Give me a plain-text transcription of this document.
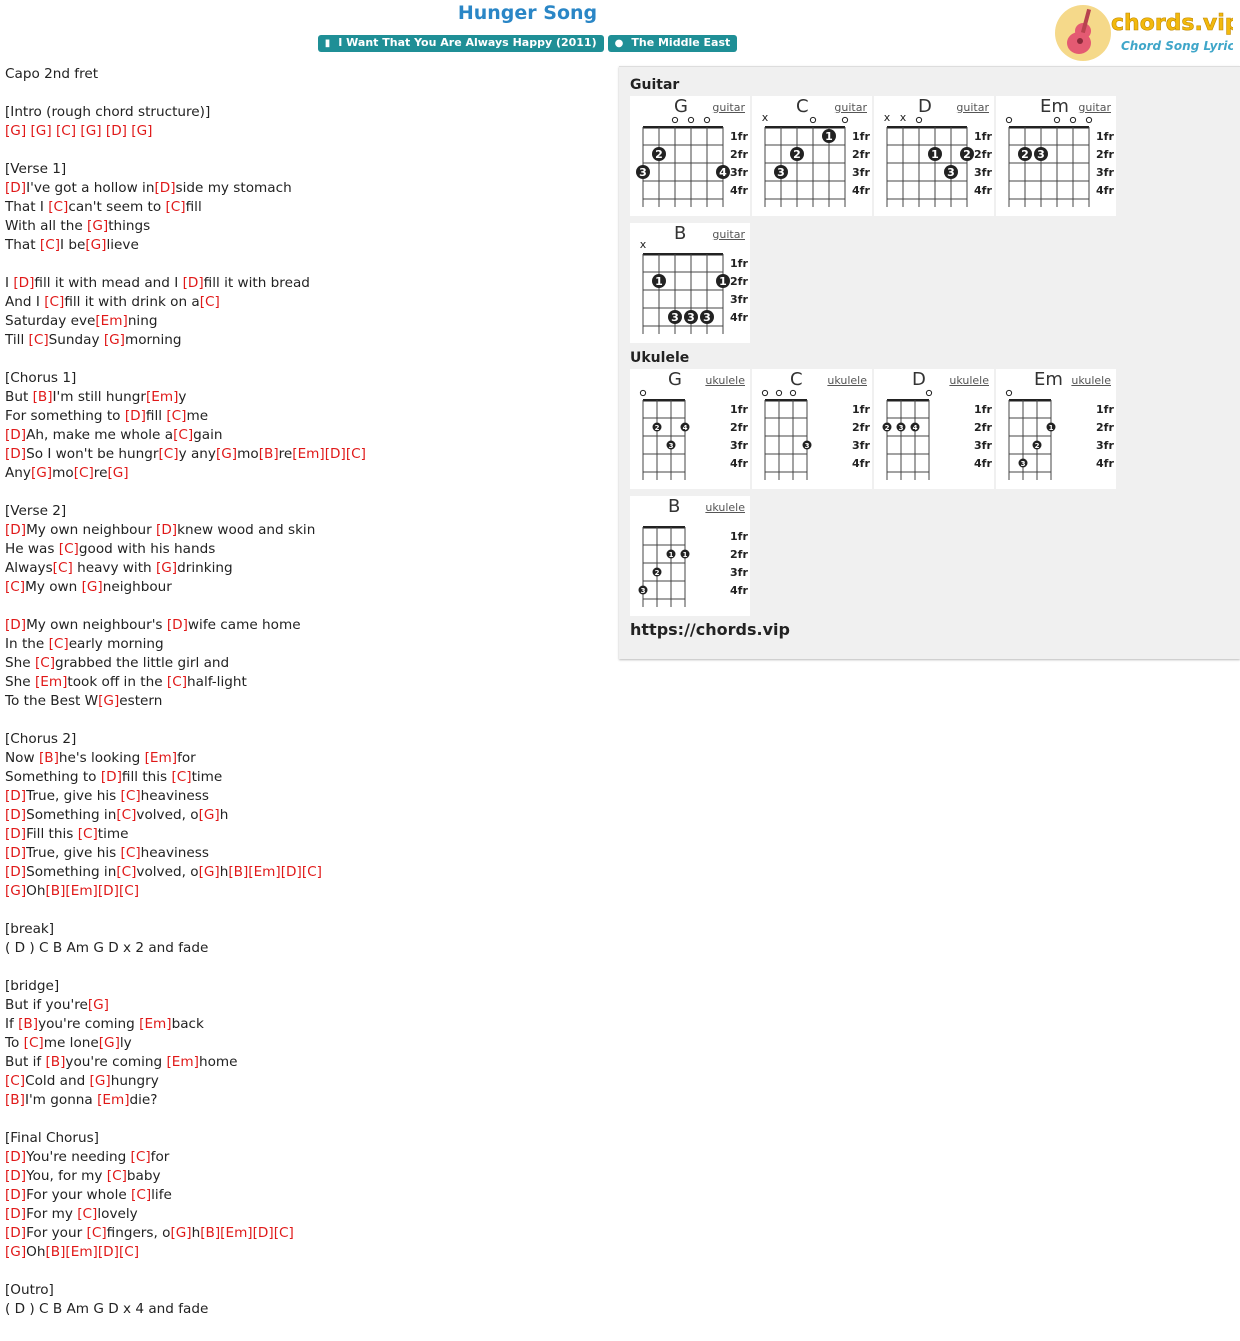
Hunger Song
▮ I Want That You Are Always Happy (2011) ● The Middle East
chords.vip
Chord Song Lyric
Capo 2nd fret
[Intro (rough chord structure)]
[G] [G] [C] [G] [D] [G]
[Verse 1]
[D]I've got a hollow in[D]side my stomach
That I [C]can't seem to [C]fill
With all the [G]things
That [C]I be[G]lieve
I [D]fill it with mead and I [D]fill it with bread
And I [C]fill it with drink on a[C]
Saturday eve[Em]ning
Till [C]Sunday [G]morning
[Chorus 1]
But [B]I'm still hungr[Em]y
For something to [D]fill [C]me
[D]Ah, make me whole a[C]gain
[D]So I won't be hungr[C]y any[G]mo[B]re[Em][D][C]
Any[G]mo[C]re[G]
[Verse 2]
[D]My own neighbour [D]knew wood and skin
He was [C]good with his hands
Always[C] heavy with [G]drinking
[C]My own [G]neighbour
[D]My own neighbour's [D]wife came home
In the [C]early morning
She [C]grabbed the little girl and
She [Em]took off in the [C]half-light
To the Best W[G]estern
[Chorus 2]
Now [B]he's looking [Em]for
Something to [D]fill this [C]time
[D]True, give his [C]heaviness
[D]Something in[C]volved, o[G]h
[D]Fill this [C]time
[D]True, give his [C]heaviness
[D]Something in[C]volved, o[G]h[B][Em][D][C]
[G]Oh[B][Em][D][C]
[break]
( D ) C B Am G D x 2 and fade
[bridge]
But if you're[G]
If [B]you're coming [Em]back
To [C]me lone[G]ly
But if [B]you're coming [Em]home
[C]Cold and [G]hungry
[B]I'm gonna [Em]die?
[Final Chorus]
[D]You're needing [C]for
[D]You, for my [C]baby
[D]For your whole [C]life
[D]For my [C]lovely
[D]For your [C]fingers, o[G]h[B][Em][D][C]
[G]Oh[B][Em][D][C]
[Outro]
( D ) C B Am G D x 4 and fade
Guitar
Ukulele
1fr
2fr
3fr
4fr
3
2
4
G guitar
1fr
2fr
3fr
4fr
x
3
2
1
C guitar
1fr
2fr
3fr
4fr
x x
1
3
2
D guitar
1fr
2fr
3fr
4fr
2 3
Em guitar
1fr
2fr
3fr
4fr
x
1
3 3 3
1
B guitar
1fr
2fr
3fr
4fr
2
3
4
G ukulele
1fr
2fr
3fr
4fr
3
C ukulele
1fr
2fr
3fr
4fr
2 3 4
D ukulele
1fr
2fr
3fr
4fr
3
2
1
Em ukulele
1fr
2fr
3fr
4fr
3
2
1 1
B ukulele
https://chords.vip
